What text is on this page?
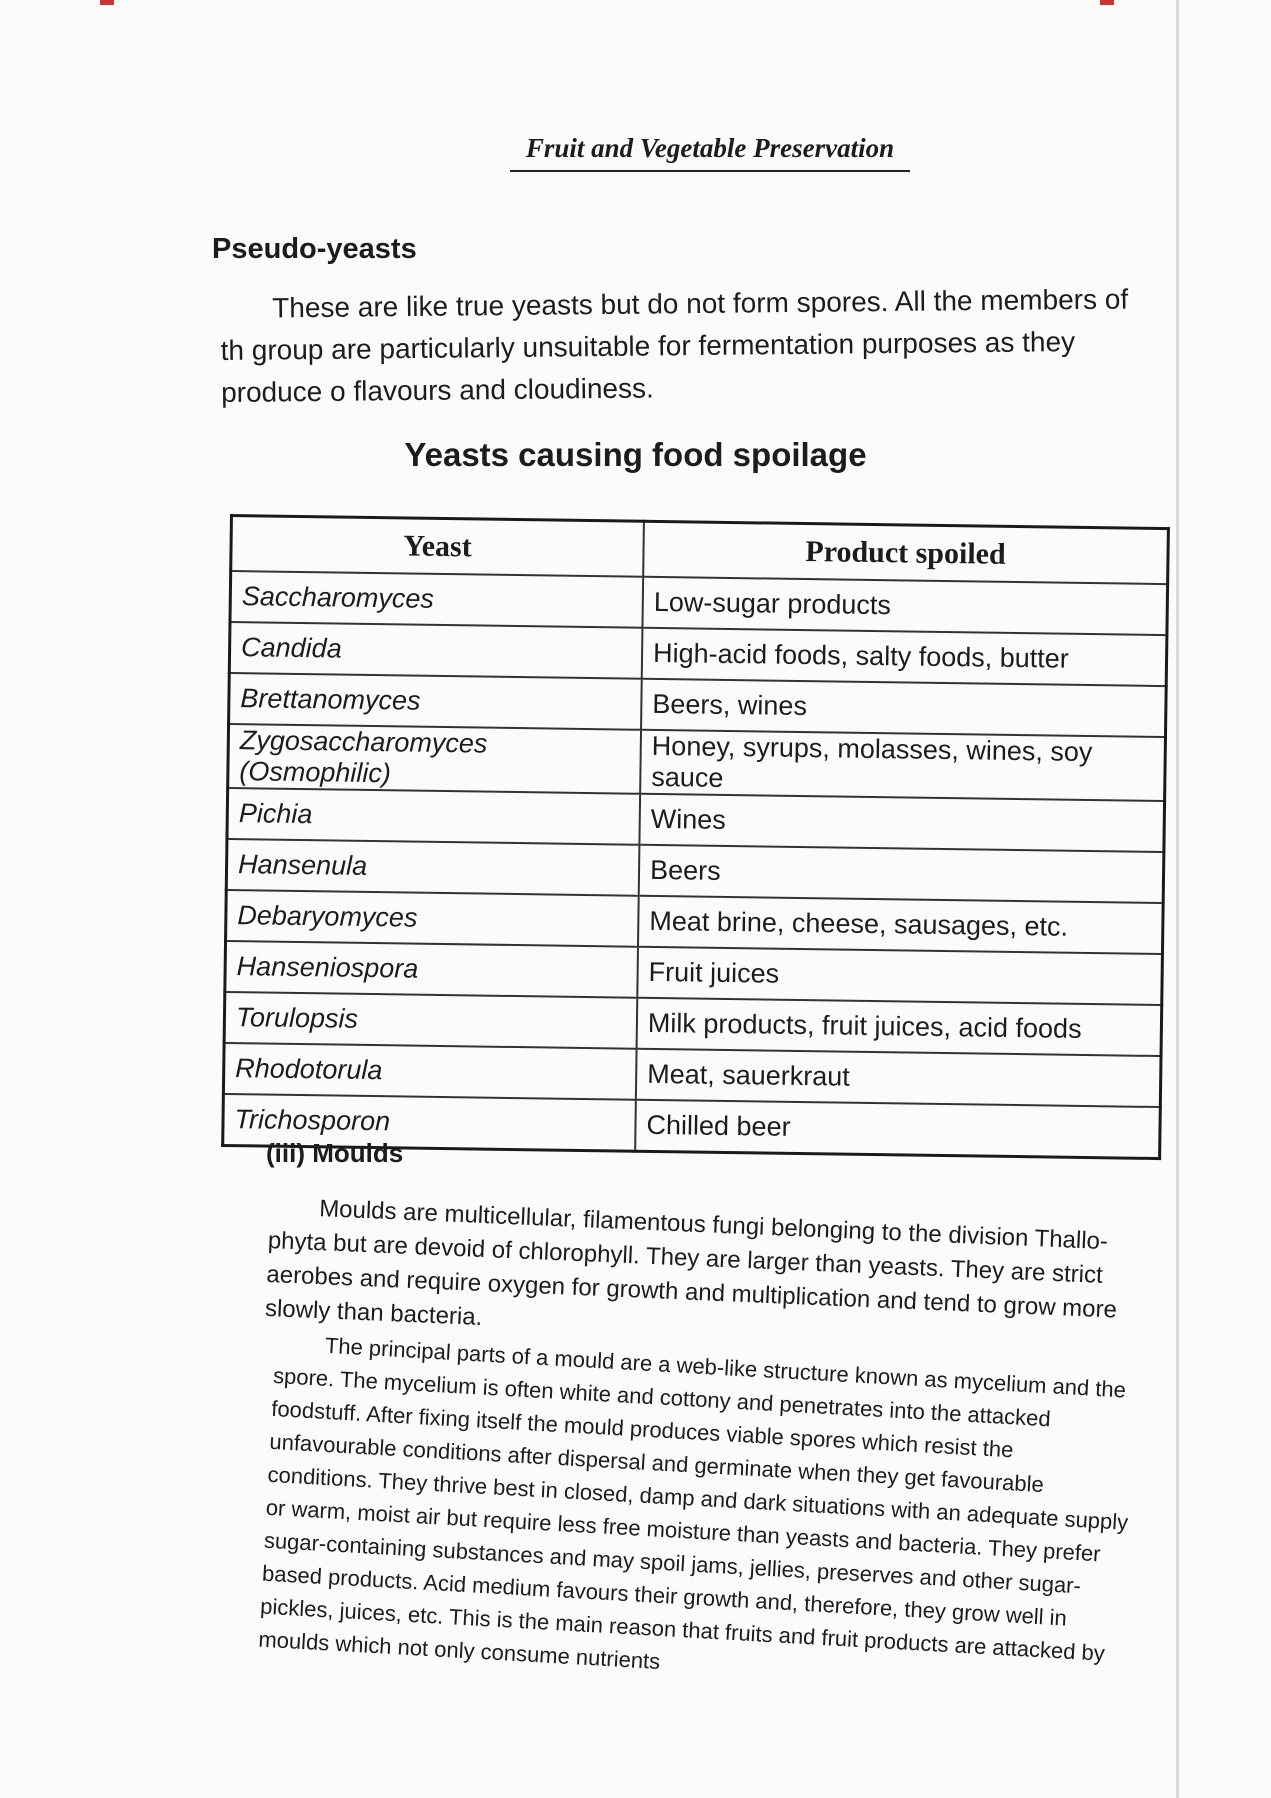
Fruit and Vegetable Preservation
Pseudo-yeasts

These are like true yeasts but do not form spores. All the members of th group are particularly unsuitable for fermentation purposes as they produce o flavours and cloudiness.

Yeasts causing food spoilage
Yeast	Product spoiled
Saccharomyces	Low-sugar products
Candida	High-acid foods, salty foods, butter
Brettanomyces	Beers, wines
Zygosaccharomyces (Osmophilic)	Honey, syrups, molasses, wines, soy sauce
Pichia	Wines
Hansenula	Beers
Debaryomyces	Meat brine, cheese, sausages, etc.
Hanseniospora	Fruit juices
Torulopsis	Milk products, fruit juices, acid foods
Rhodotorula	Meat, sauerkraut
Trichosporon	Chilled beer
(iii) Moulds

Moulds are multicellular, filamentous fungi belonging to the division Thallo-phyta but are devoid of chlorophyll. They are larger than yeasts. They are strict aerobes and require oxygen for growth and multiplication and tend to grow more slowly than bacteria.

The principal parts of a mould are a web-like structure known as mycelium and the spore. The mycelium is often white and cottony and penetrates into the attacked foodstuff. After fixing itself the mould produces viable spores which resist the unfavourable conditions after dispersal and germinate when they get favourable conditions. They thrive best in closed, damp and dark situations with an adequate supply or warm, moist air but require less free moisture than yeasts and bacteria. They prefer sugar-containing substances and may spoil jams, jellies, preserves and other sugar-based products. Acid medium favours their growth and, therefore, they grow well in pickles, juices, etc. This is the main reason that fruits and fruit products are attacked by moulds which not only consume nutrients
